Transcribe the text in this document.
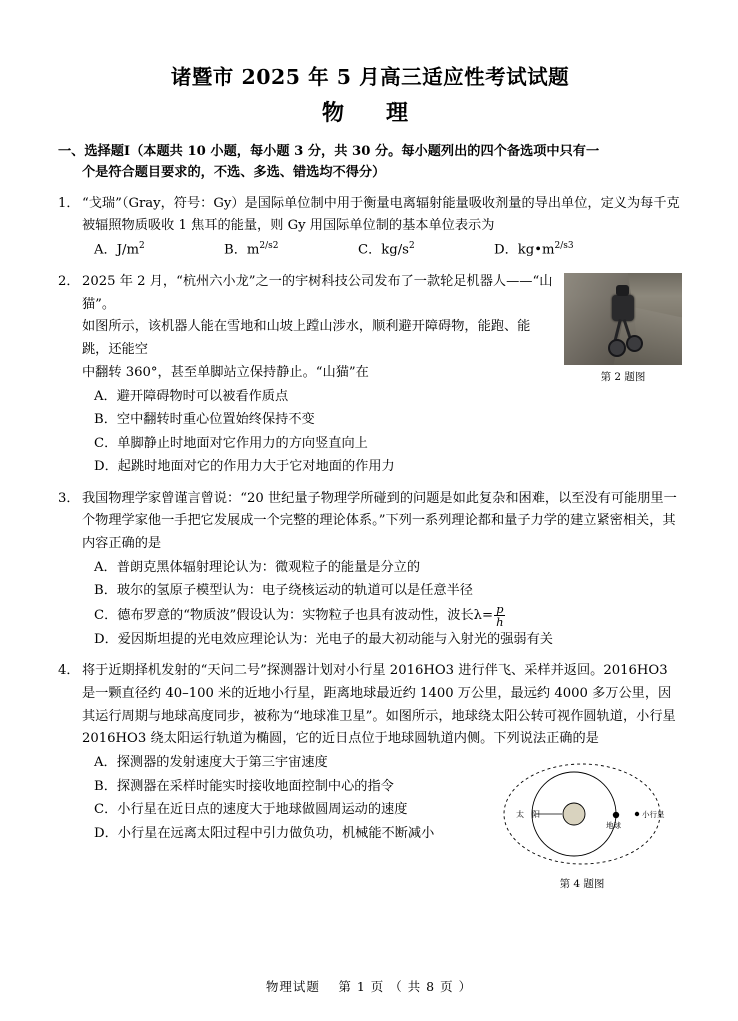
诸暨市 2025 年 5 月高三适应性考试试题
物　理
一、选择题Ⅰ（本题共 10 小题，每小题 3 分，共 30 分。每小题列出的四个备选项中只有一
个是符合题目要求的，不选、多选、错选均不得分）
1． “戈瑞”（Gray，符号：Gy）是国际单位制中用于衡量电离辐射能量吸收剂量的导出单位，定义为每千克被辐照物质吸收 1 焦耳的能量，则 Gy 用国际单位制的基本单位表示为
A．$J/m^2$	B．$m^{2/s2}$	C．$kg/s^2$	D．$kg•m^{2/s3}$
2．
第 2 题图
2025 年 2 月，“杭州六小龙”之一的宇树科技公司发布了一款轮足机器人——“山猫”。
如图所示，该机器人能在雪地和山坡上蹚山涉水，顺利避开障碍物，能跑、能跳，还能空
中翻转 360°，甚至单脚站立保持静止。“山猫”在
A．避开障碍物时可以被看作质点
B．空中翻转时重心位置始终保持不变
C．单脚静止时地面对它作用力的方向竖直向上
D．起跳时地面对它的作用力大于它对地面的作用力
3． 我国物理学家曾谨言曾说：“20 世纪量子物理学所碰到的问题是如此复杂和困难，以至没有可能朋里一个物理学家他一手把它发展成一个完整的理论体系。”下列一系列理论都和量子力学的建立紧密相关，其内容正确的是
A．普朗克黑体辐射理论认为：微观粒子的能量是分立的
B．玻尔的氢原子模型认为：电子绕核运动的轨道可以是任意半径
C．德布罗意的“物质波”假设认为：实物粒子也具有波动性，波长$\lambda= \frac{p}{h}$
D．爱因斯坦提的光电效应理论认为：光电子的最大初动能与入射光的强弱有关
4． 将于近期择机发射的“天问二号”探测器计划对小行星 2016HO3 进行伴飞、采样并返回。2016HO3 是一颗直径约 40–100 米的近地小行星，距离地球最近约 1400 万公里，最远约 4000 多万公里，因其运行周期与地球高度同步，被称为“地球准卫星”。如图所示，地球绕太阳公转可视作圆轨道，小行星 2016HO3 绕太阳运行轨道为椭圆，它的近日点位于地球圆轨道内侧。下列说法正确的是
太　阳
地球
小行星
第 4 题图
A．探测器的发射速度大于第三宇宙速度
B．探测器在采样时能实时接收地面控制中心的指令
C．小行星在近日点的速度大于地球做圆周运动的速度
D．小行星在远离太阳过程中引力做负功，机械能不断减小
物理试题　 第 1 页 （ 共 8 页 ）
